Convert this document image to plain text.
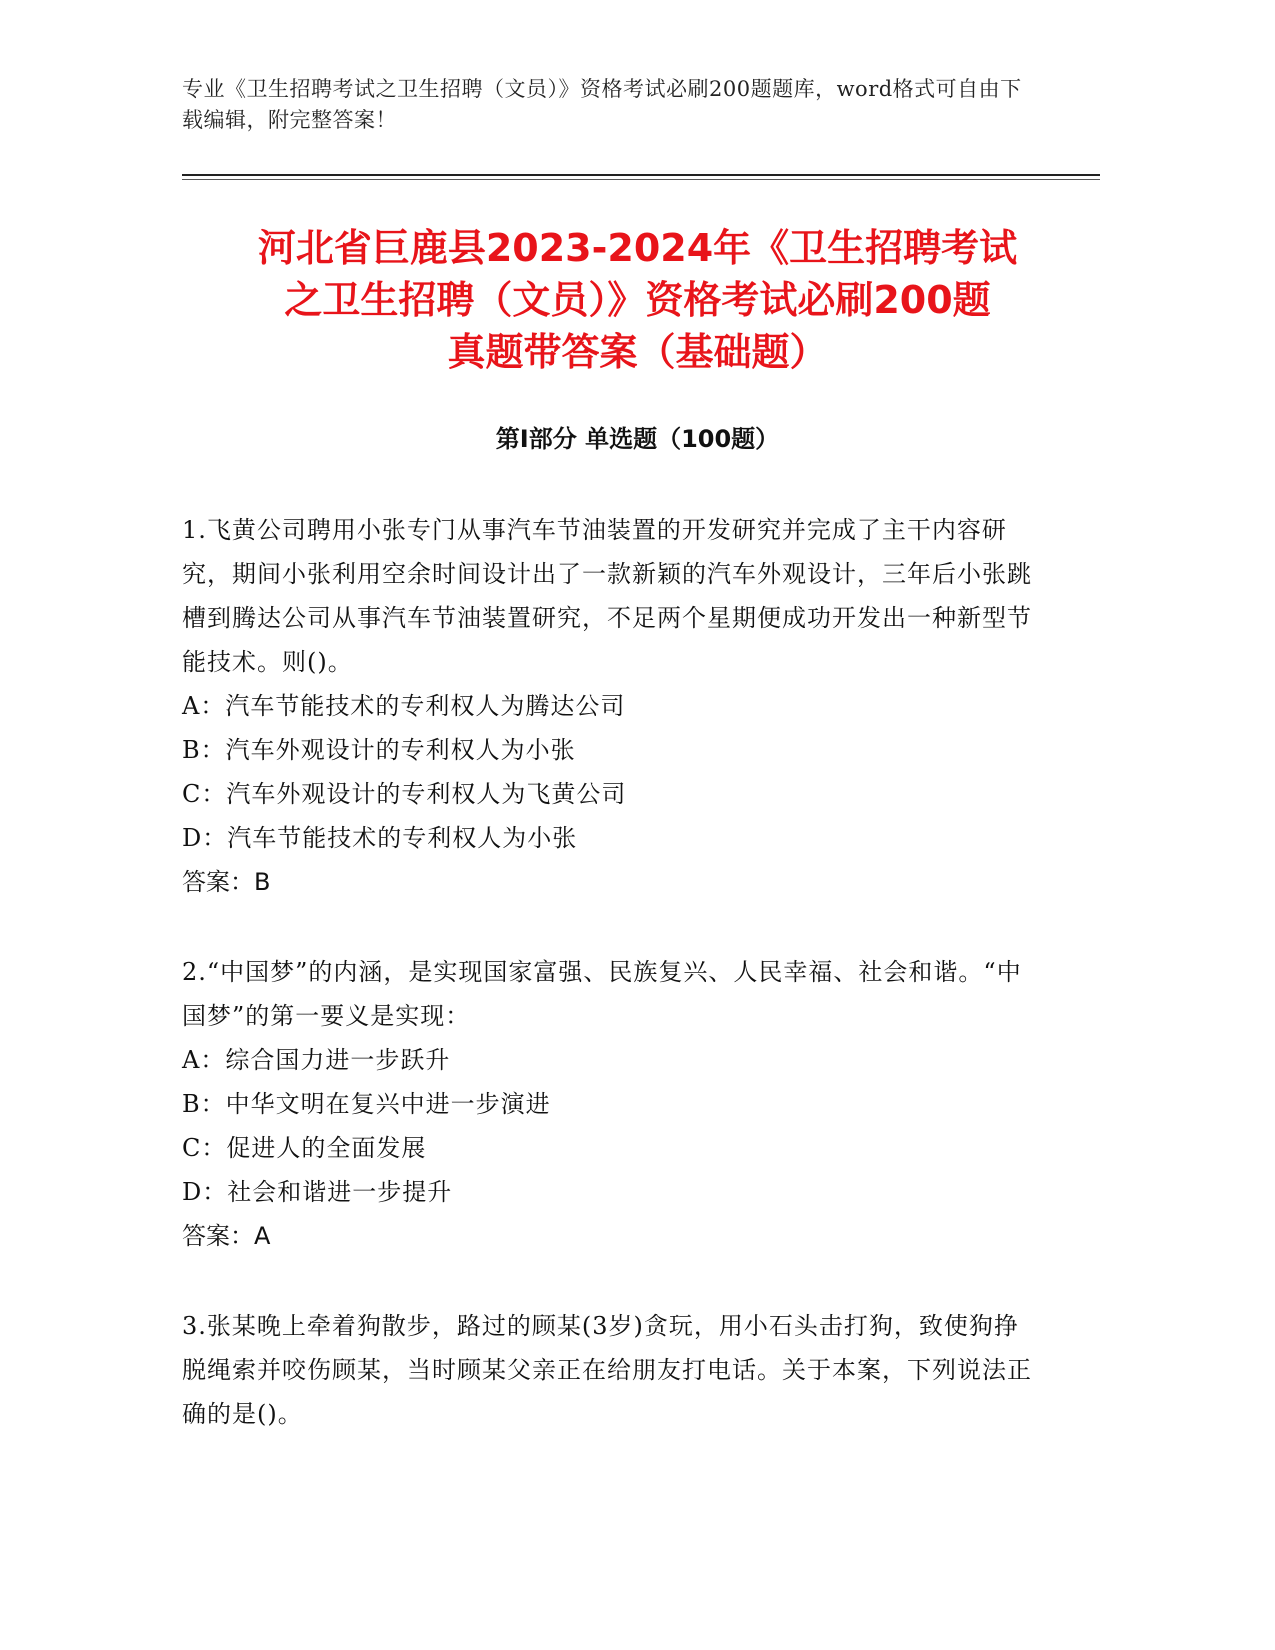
专业《卫生招聘考试之卫生招聘（文员）》资格考试必刷200题题库，word格式可自由下载编辑，附完整答案！
河北省巨鹿县2023-2024年《卫生招聘考试
之卫生招聘（文员）》资格考试必刷200题
真题带答案（基础题）
第Ⅰ部分 单选题（100题）

1.飞黄公司聘用小张专门从事汽车节油装置的开发研究并完成了主干内容研究，期间小张利用空余时间设计出了一款新颖的汽车外观设计，三年后小张跳槽到腾达公司从事汽车节油装置研究，不足两个星期便成功开发出一种新型节能技术。则()。

A：汽车节能技术的专利权人为腾达公司

B：汽车外观设计的专利权人为小张

C：汽车外观设计的专利权人为飞黄公司

D：汽车节能技术的专利权人为小张

答案：B

2.“中国梦”的内涵，是实现国家富强、民族复兴、人民幸福、社会和谐。“中国梦”的第一要义是实现：

A：综合国力进一步跃升

B：中华文明在复兴中进一步演进

C：促进人的全面发展

D：社会和谐进一步提升

答案：A

3.张某晚上牵着狗散步，路过的顾某(3岁)贪玩，用小石头击打狗，致使狗挣脱绳索并咬伤顾某，当时顾某父亲正在给朋友打电话。关于本案，下列说法正确的是()。
